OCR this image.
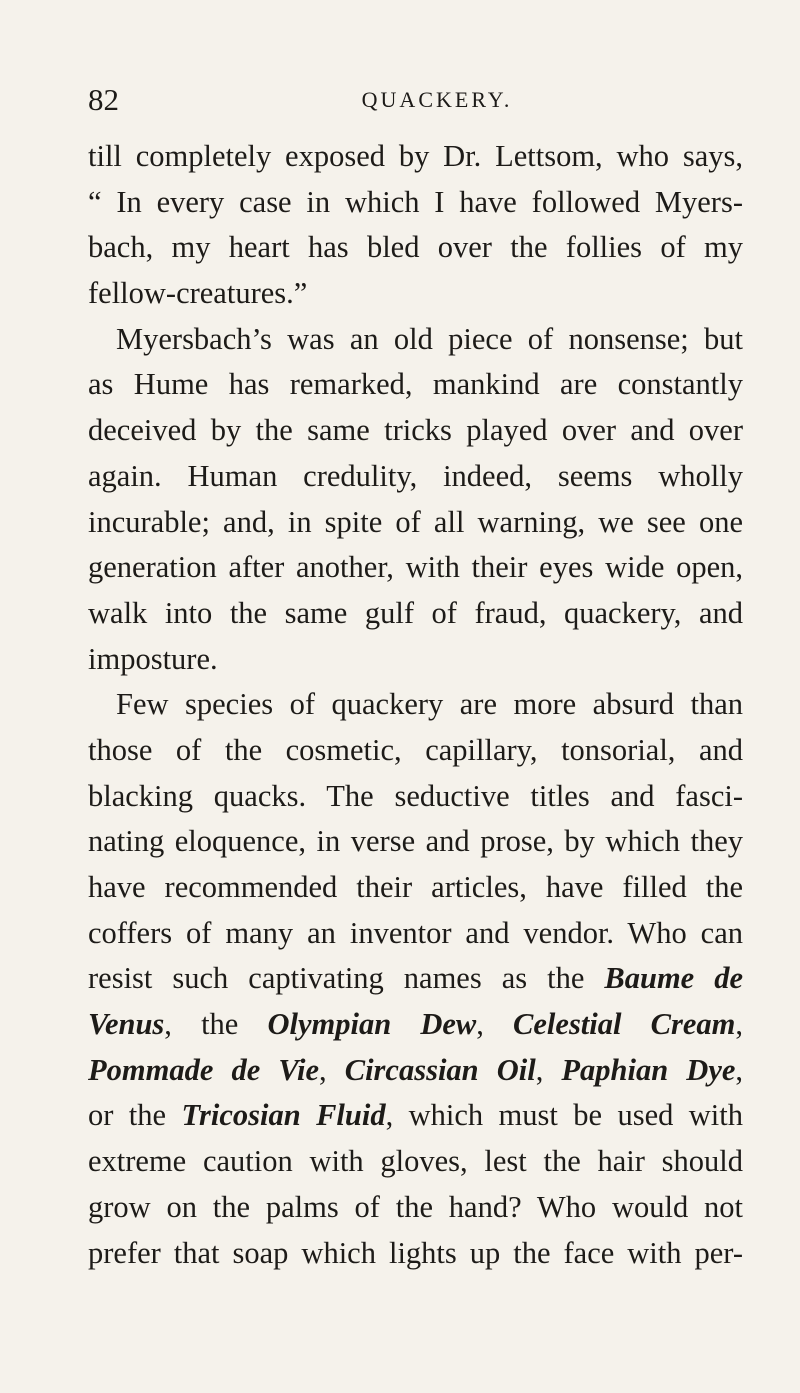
82	QUACKERY.
till completely exposed by Dr. Lettsom, who says,
“ In every case in which I have followed Myers-
bach, my heart has bled over the follies of my
fellow-creatures.”
Myersbach’s was an old piece of nonsense; but
as Hume has remarked, mankind are constantly
deceived by the same tricks played over and over
again. Human credulity, indeed, seems wholly
incurable; and, in spite of all warning, we see one
generation after another, with their eyes wide open,
walk into the same gulf of fraud, quackery, and
imposture.
Few species of quackery are more absurd than
those of the cosmetic, capillary, tonsorial, and
blacking quacks. The seductive titles and fasci-
nating eloquence, in verse and prose, by which they
have recommended their articles, have filled the
coffers of many an inventor and vendor. Who can
resist such captivating names as the Baume de
Venus, the Olympian Dew, Celestial Cream,
Pommade de Vie, Circassian Oil, Paphian Dye,
or the Tricosian Fluid, which must be used with
extreme caution with gloves, lest the hair should
grow on the palms of the hand? Who would not
prefer that soap which lights up the face with per-
